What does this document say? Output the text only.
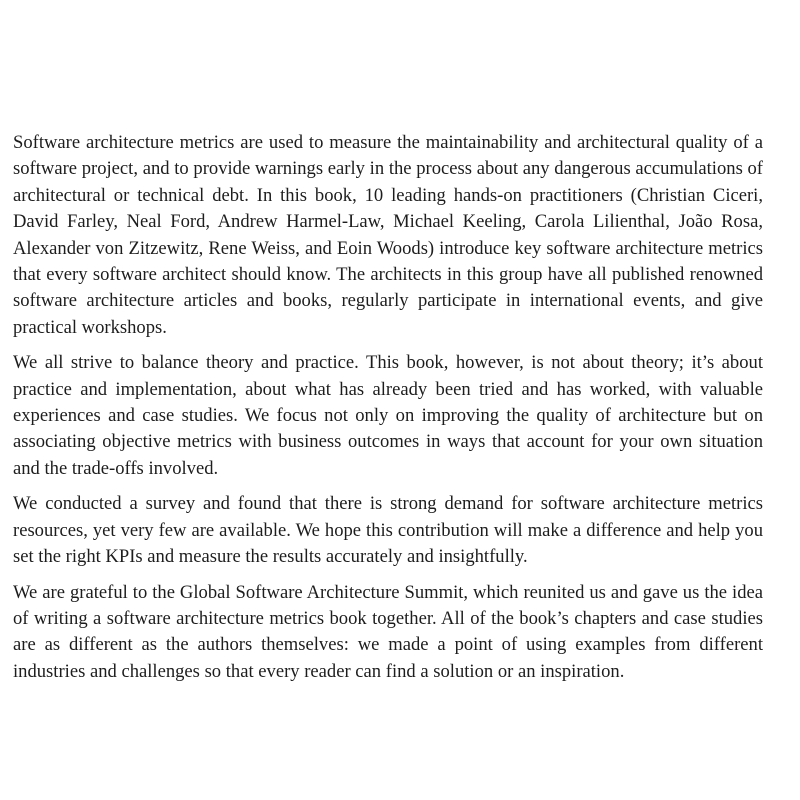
Software architecture metrics are used to measure the maintainability and architectural quality of a software project, and to provide warnings early in the process about any dangerous accumulations of architectural or technical debt. In this book, 10 leading hands-on practitioners (Christian Ciceri, David Farley, Neal Ford, Andrew Harmel-Law, Michael Keeling, Carola Lilienthal, João Rosa, Alexander von Zitzewitz, Rene Weiss, and Eoin Woods) introduce key software architecture metrics that every software architect should know. The architects in this group have all published renowned software architecture articles and books, regularly participate in international events, and give practical workshops.

We all strive to balance theory and practice. This book, however, is not about theory; it’s about practice and implementation, about what has already been tried and has worked, with valuable experiences and case studies. We focus not only on improving the quality of architecture but on associating objective metrics with business outcomes in ways that account for your own situation and the trade-offs involved.

We conducted a survey and found that there is strong demand for software architecture metrics resources, yet very few are available. We hope this contribution will make a difference and help you set the right KPIs and measure the results accurately and insightfully.

We are grateful to the Global Software Architecture Summit, which reunited us and gave us the idea of writing a software architecture metrics book together. All of the book’s chapters and case studies are as different as the authors themselves: we made a point of using examples from different industries and challenges so that every reader can find a solution or an inspiration.
